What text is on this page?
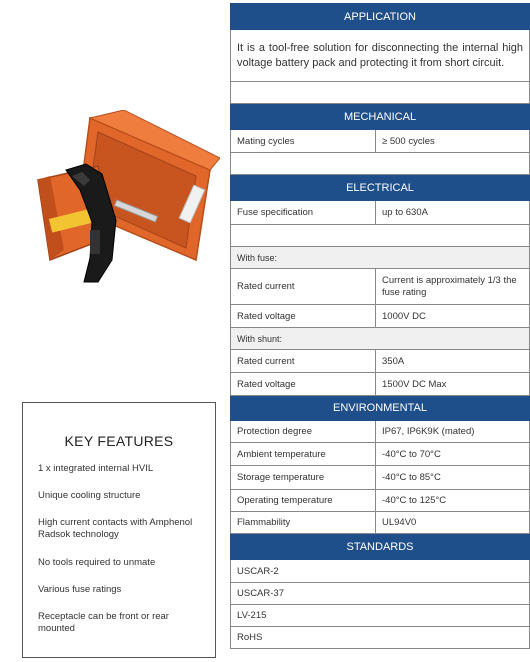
KEY FEATURES
1 x integrated internal HVIL
Unique cooling structure
High current contacts with Amphenol Radsok technology
No tools required to unmate
Various fuse ratings
Receptacle can be front or rear mounted
APPLICATION	
It is a tool-free solution for disconnecting the internal high voltage battery pack and protecting it from short circuit.	

MECHANICAL	
Mating cycles	≥ 500 cycles

ELECTRICAL	
Fuse specification	up to 630A

With fuse:	
Rated current	Current is approximately 1/3 the fuse rating
Rated voltage	1000V DC
With shunt:	
Rated current	350A
Rated voltage	1500V DC Max
ENVIRONMENTAL	
Protection degree	IP67, IP6K9K (mated)
Ambient temperature	-40°C to 70°C
Storage temperature	-40°C to 85°C
Operating temperature	-40°C to 125°C
Flammability	UL94V0
STANDARDS	
USCAR-2	
USCAR-37	
LV-215	
RoHS	
